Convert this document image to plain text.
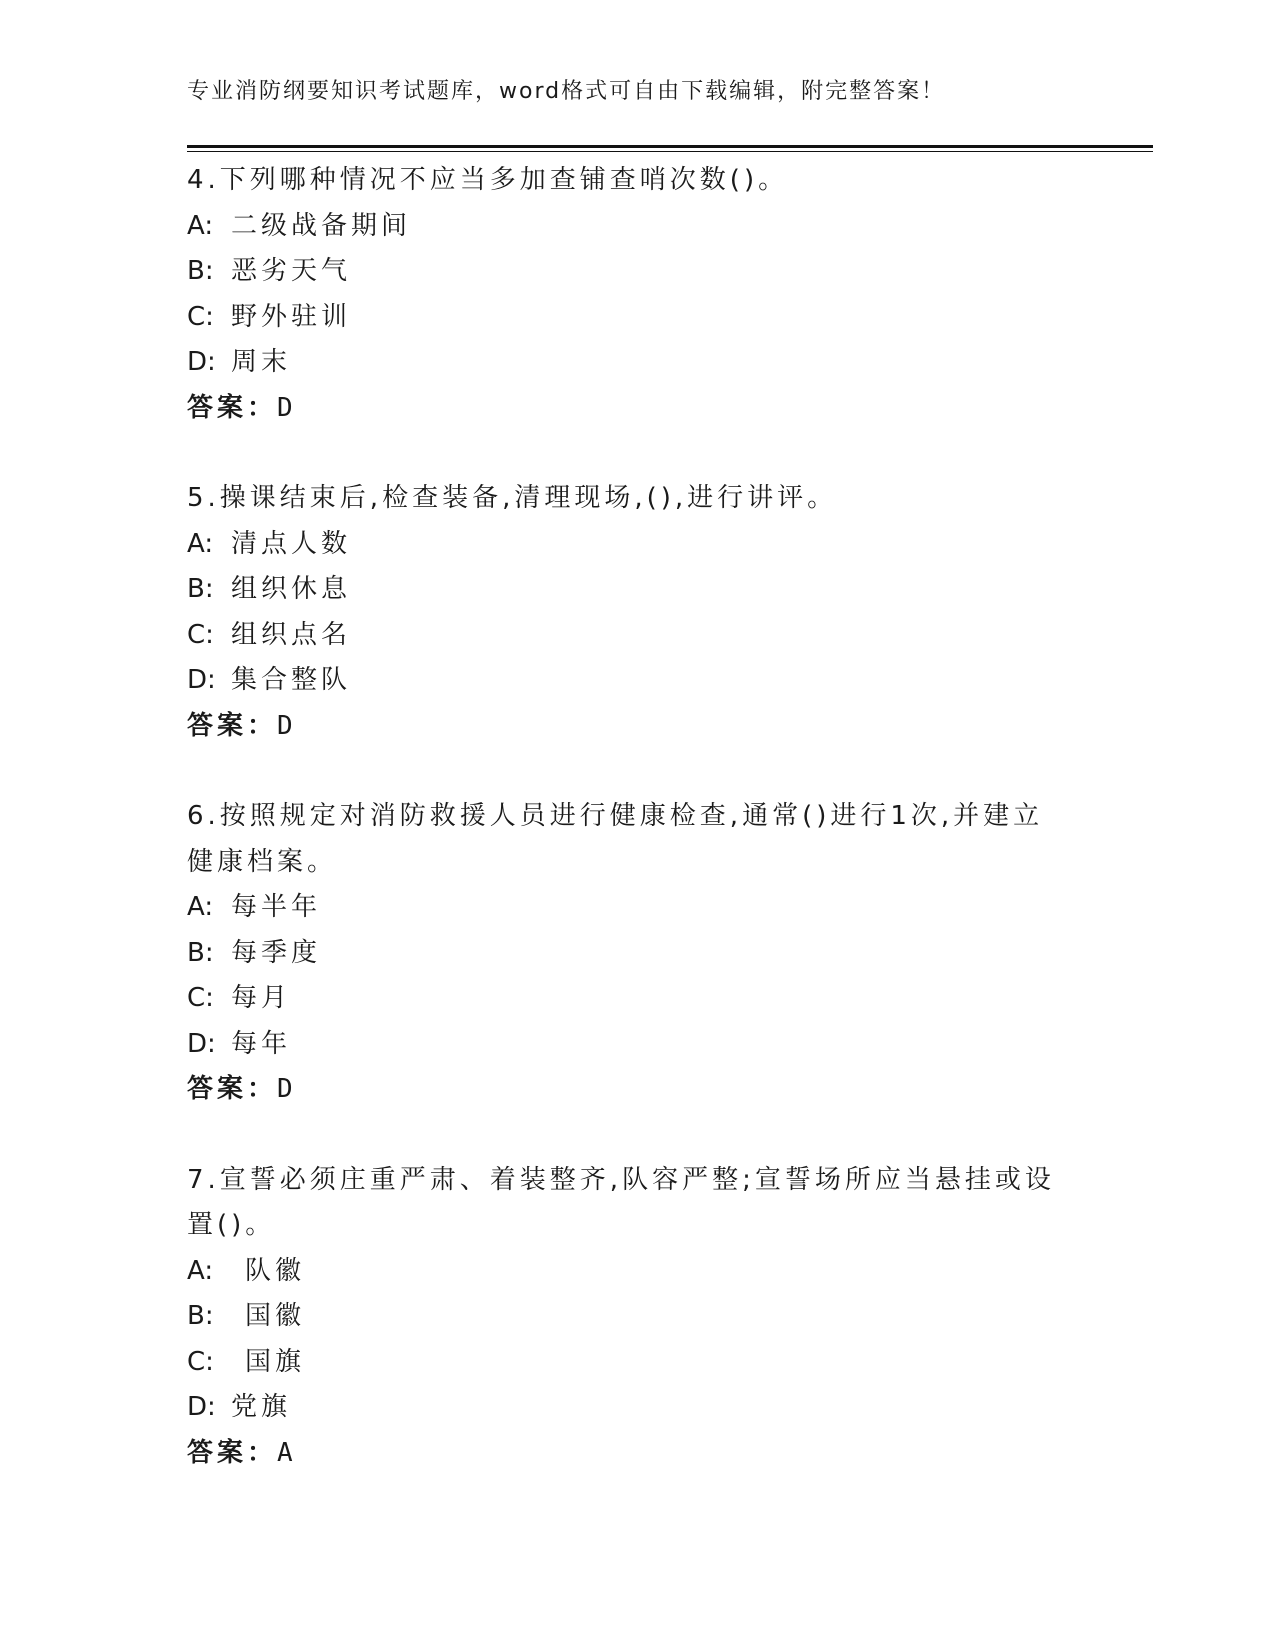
专业消防纲要知识考试题库，word格式可自由下载编辑，附完整答案！

4.下列哪种情况不应当多加查铺查哨次数()。

A: 二级战备期间

B: 恶劣天气

C: 野外驻训

D: 周末

答案：D

5.操课结束后,检查装备,清理现场,(),进行讲评。

A: 清点人数

B: 组织休息

C: 组织点名

D: 集合整队

答案：D

6.按照规定对消防救援人员进行健康检查,通常()进行1次,并建立健康档案。

A: 每半年

B: 每季度

C: 每月

D: 每年

答案：D

7.宣誓必须庄重严肃、着装整齐,队容严整;宣誓场所应当悬挂或设置()。

A: 队徽

B: 国徽

C: 国旗

D: 党旗

答案：A
